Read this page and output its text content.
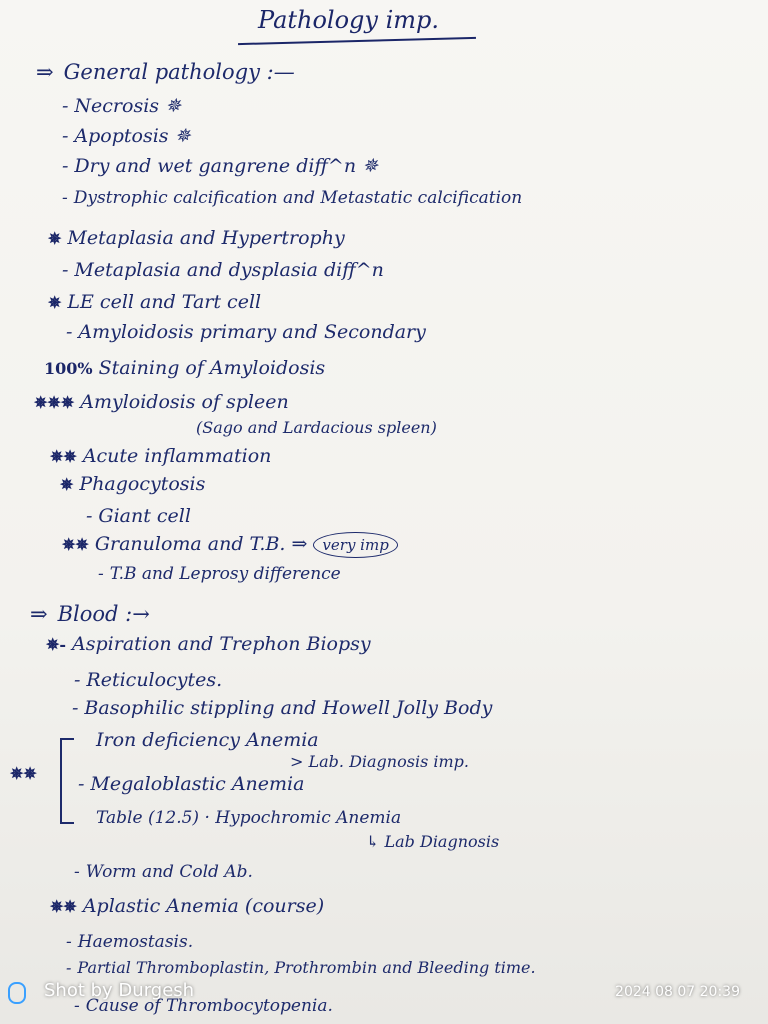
Pathology imp.
⇒ General pathology :—
- Necrosis ✵
- Apoptosis ✵
- Dry and wet gangrene diff^n ✵
- Dystrophic calcification and Metastatic calcification
✵ Metaplasia and Hypertrophy
- Metaplasia and dysplasia diff^n
✵ LE cell and Tart cell
- Amyloidosis primary and Secondary
100% Staining of Amyloidosis
✵✵✵ Amyloidosis of spleen
(Sago and Lardacious spleen)
✵✵ Acute inflammation
✵ Phagocytosis
- Giant cell
✵✵ Granuloma and T.B. ⇒ very imp
- T.B and Leprosy difference
⇒ Blood :→
✵- Aspiration and Trephon Biopsy
- Reticulocytes.
- Basophilic stippling and Howell Jolly Body
✵✵
Iron deficiency Anemia
> Lab. Diagnosis imp.
- Megaloblastic Anemia
Table (12.5) · Hypochromic Anemia
↳ Lab Diagnosis
- Worm and Cold Ab.
✵✵ Aplastic Anemia (course)
- Haemostasis.
- Partial Thromboplastin, Prothrombin and Bleeding time.
- Cause of Thrombocytopenia.
Shot by Durgesh	2024 08 07 20:39
